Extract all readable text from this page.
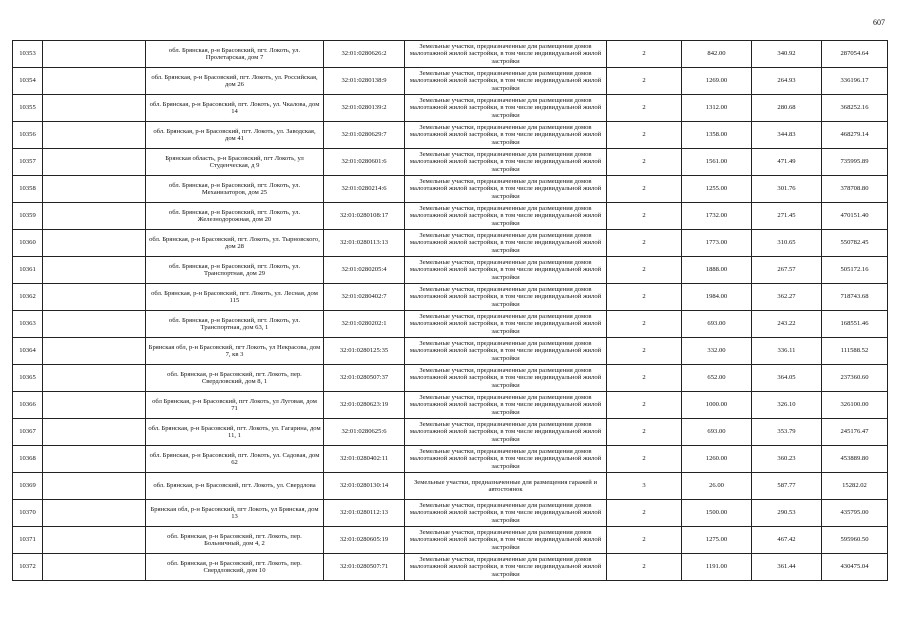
607
10353		обл. Брянская, р-н Брасовский, пгт. Локоть, ул. Пролетарская, дом 7	32:01:0280626:2	Земельные участки, предназначенные для размещения домов малоэтажной жилой застройки, в том числе индивидуальной жилой застройки	2	842.00	340.92	287054.64
10354		обл. Брянская, р-н Брасовский, пгт. Локоть, ул. Российская, дом 26	32:01:0280138:9	Земельные участки, предназначенные для размещения домов малоэтажной жилой застройки, в том числе индивидуальной жилой застройки	2	1269.00	264.93	336196.17
10355		обл. Брянская, р-н Брасовский, пгт. Локоть, ул. Чкалова, дом 14	32:01:0280139:2	Земельные участки, предназначенные для размещения домов малоэтажной жилой застройки, в том числе индивидуальной жилой застройки	2	1312.00	280.68	368252.16
10356		обл. Брянская, р-н Брасовский, пгт. Локоть, ул. Заводская, дом 41	32:01:0280629:7	Земельные участки, предназначенные для размещения домов малоэтажной жилой застройки, в том числе индивидуальной жилой застройки	2	1358.00	344.83	468279.14
10357		Брянская область, р-н Брасовский, пгт Локоть, ул Студенческая, д 9	32:01:0280601:6	Земельные участки, предназначенные для размещения домов малоэтажной жилой застройки, в том числе индивидуальной жилой застройки	2	1561.00	471.49	735995.89
10358		обл. Брянская, р-н Брасовский, пгт. Локоть, ул. Механизаторов, дом 25	32:01:0280214:6	Земельные участки, предназначенные для размещения домов малоэтажной жилой застройки, в том числе индивидуальной жилой застройки	2	1255.00	301.76	378708.80
10359		обл. Брянская, р-н Брасовский, пгт. Локоть, ул. Железнодорожная, дом 20	32:01:0280108:17	Земельные участки, предназначенные для размещения домов малоэтажной жилой застройки, в том числе индивидуальной жилой застройки	2	1732.00	271.45	470151.40
10360		обл. Брянская, р-н Брасовский, пгт. Локоть, ул. Тырновского, дом 28	32:01:0280113:13	Земельные участки, предназначенные для размещения домов малоэтажной жилой застройки, в том числе индивидуальной жилой застройки	2	1773.00	310.65	550782.45
10361		обл. Брянская, р-н Брасовский, пгт. Локоть, ул. Транспортная, дом 29	32:01:0280205:4	Земельные участки, предназначенные для размещения домов малоэтажной жилой застройки, в том числе индивидуальной жилой застройки	2	1888.00	267.57	505172.16
10362		обл. Брянская, р-н Брасовский, пгт. Локоть, ул. Лесная, дом 115	32:01:0280402:7	Земельные участки, предназначенные для размещения домов малоэтажной жилой застройки, в том числе индивидуальной жилой застройки	2	1984.00	362.27	718743.68
10363		обл. Брянская, р-н Брасовский, пгт. Локоть, ул. Транспортная, дом 63, 1	32:01:0280202:1	Земельные участки, предназначенные для размещения домов малоэтажной жилой застройки, в том числе индивидуальной жилой застройки	2	693.00	243.22	168551.46
10364		Брянская обл, р-н Брасовский, пгт Локоть, ул Некрасова, дом 7, кв 3	32:01:0280125:35	Земельные участки, предназначенные для размещения домов малоэтажной жилой застройки, в том числе индивидуальной жилой застройки	2	332.00	336.11	111588.52
10365		обл. Брянская, р-н Брасовский, пгт. Локоть, пер. Свердловский, дом 8, 1	32:01:0280507:37	Земельные участки, предназначенные для размещения домов малоэтажной жилой застройки, в том числе индивидуальной жилой застройки	2	652.00	364.05	237360.60
10366		обл Брянская, р-н Брасовский, пгт Локоть, ул Луговая, дом 71	32:01:0280623:19	Земельные участки, предназначенные для размещения домов малоэтажной жилой застройки, в том числе индивидуальной жилой застройки	2	1000.00	326.10	326100.00
10367		обл. Брянская, р-н Брасовский, пгт. Локоть, ул. Гагарина, дом 11, 1	32:01:0280625:6	Земельные участки, предназначенные для размещения домов малоэтажной жилой застройки, в том числе индивидуальной жилой застройки	2	693.00	353.79	245176.47
10368		обл. Брянская, р-н Брасовский, пгт. Локоть, ул. Садовая, дом 62	32:01:0280402:11	Земельные участки, предназначенные для размещения домов малоэтажной жилой застройки, в том числе индивидуальной жилой застройки	2	1260.00	360.23	453889.80
10369		обл. Брянская, р-н Брасовский, пгт. Локоть, ул. Свердлова	32:01:0280130:14	Земельные участки, предназначенные для размещения гаражей и автостоянок	3	26.00	587.77	15282.02
10370		Брянская обл, р-н Брасовский, пгт Локоть, ул Брянская, дом 13	32:01:0280112:13	Земельные участки, предназначенные для размещения домов малоэтажной жилой застройки, в том числе индивидуальной жилой застройки	2	1500.00	290.53	435795.00
10371		обл. Брянская, р-н Брасовский, пгт. Локоть, пер. Больничный, дом 4, 2	32:01:0280605:19	Земельные участки, предназначенные для размещения домов малоэтажной жилой застройки, в том числе индивидуальной жилой застройки	2	1275.00	467.42	595960.50
10372		обл. Брянская, р-н Брасовский, пгт. Локоть, пер. Свердловский, дом 10	32:01:0280507:71	Земельные участки, предназначенные для размещения домов малоэтажной жилой застройки, в том числе индивидуальной жилой застройки	2	1191.00	361.44	430475.04
